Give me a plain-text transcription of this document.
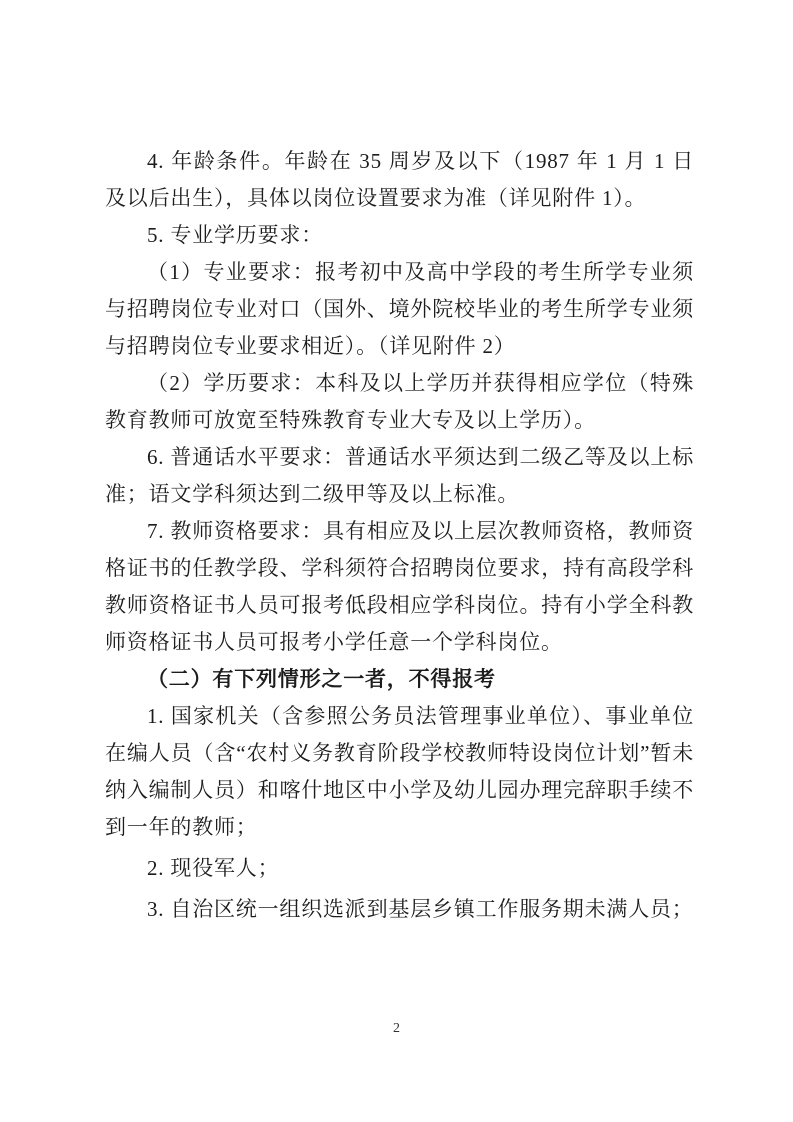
4. 年龄条件。年龄在 35 周岁及以下（1987 年 1 月 1 日及以后出生），具体以岗位设置要求为准（详见附件 1）。

5. 专业学历要求：

（1）专业要求：报考初中及高中学段的考生所学专业须与招聘岗位专业对口（国外、境外院校毕业的考生所学专业须与招聘岗位专业要求相近）。（详见附件 2）

（2）学历要求：本科及以上学历并获得相应学位（特殊教育教师可放宽至特殊教育专业大专及以上学历）。

6. 普通话水平要求：普通话水平须达到二级乙等及以上标准；语文学科须达到二级甲等及以上标准。

7. 教师资格要求：具有相应及以上层次教师资格，教师资格证书的任教学段、学科须符合招聘岗位要求，持有高段学科教师资格证书人员可报考低段相应学科岗位。持有小学全科教师资格证书人员可报考小学任意一个学科岗位。

（二）有下列情形之一者，不得报考

1. 国家机关（含参照公务员法管理事业单位）、事业单位在编人员（含“农村义务教育阶段学校教师特设岗位计划”暂未纳入编制人员）和喀什地区中小学及幼儿园办理完辞职手续不到一年的教师；

2. 现役军人；

3. 自治区统一组织选派到基层乡镇工作服务期未满人员；

2
